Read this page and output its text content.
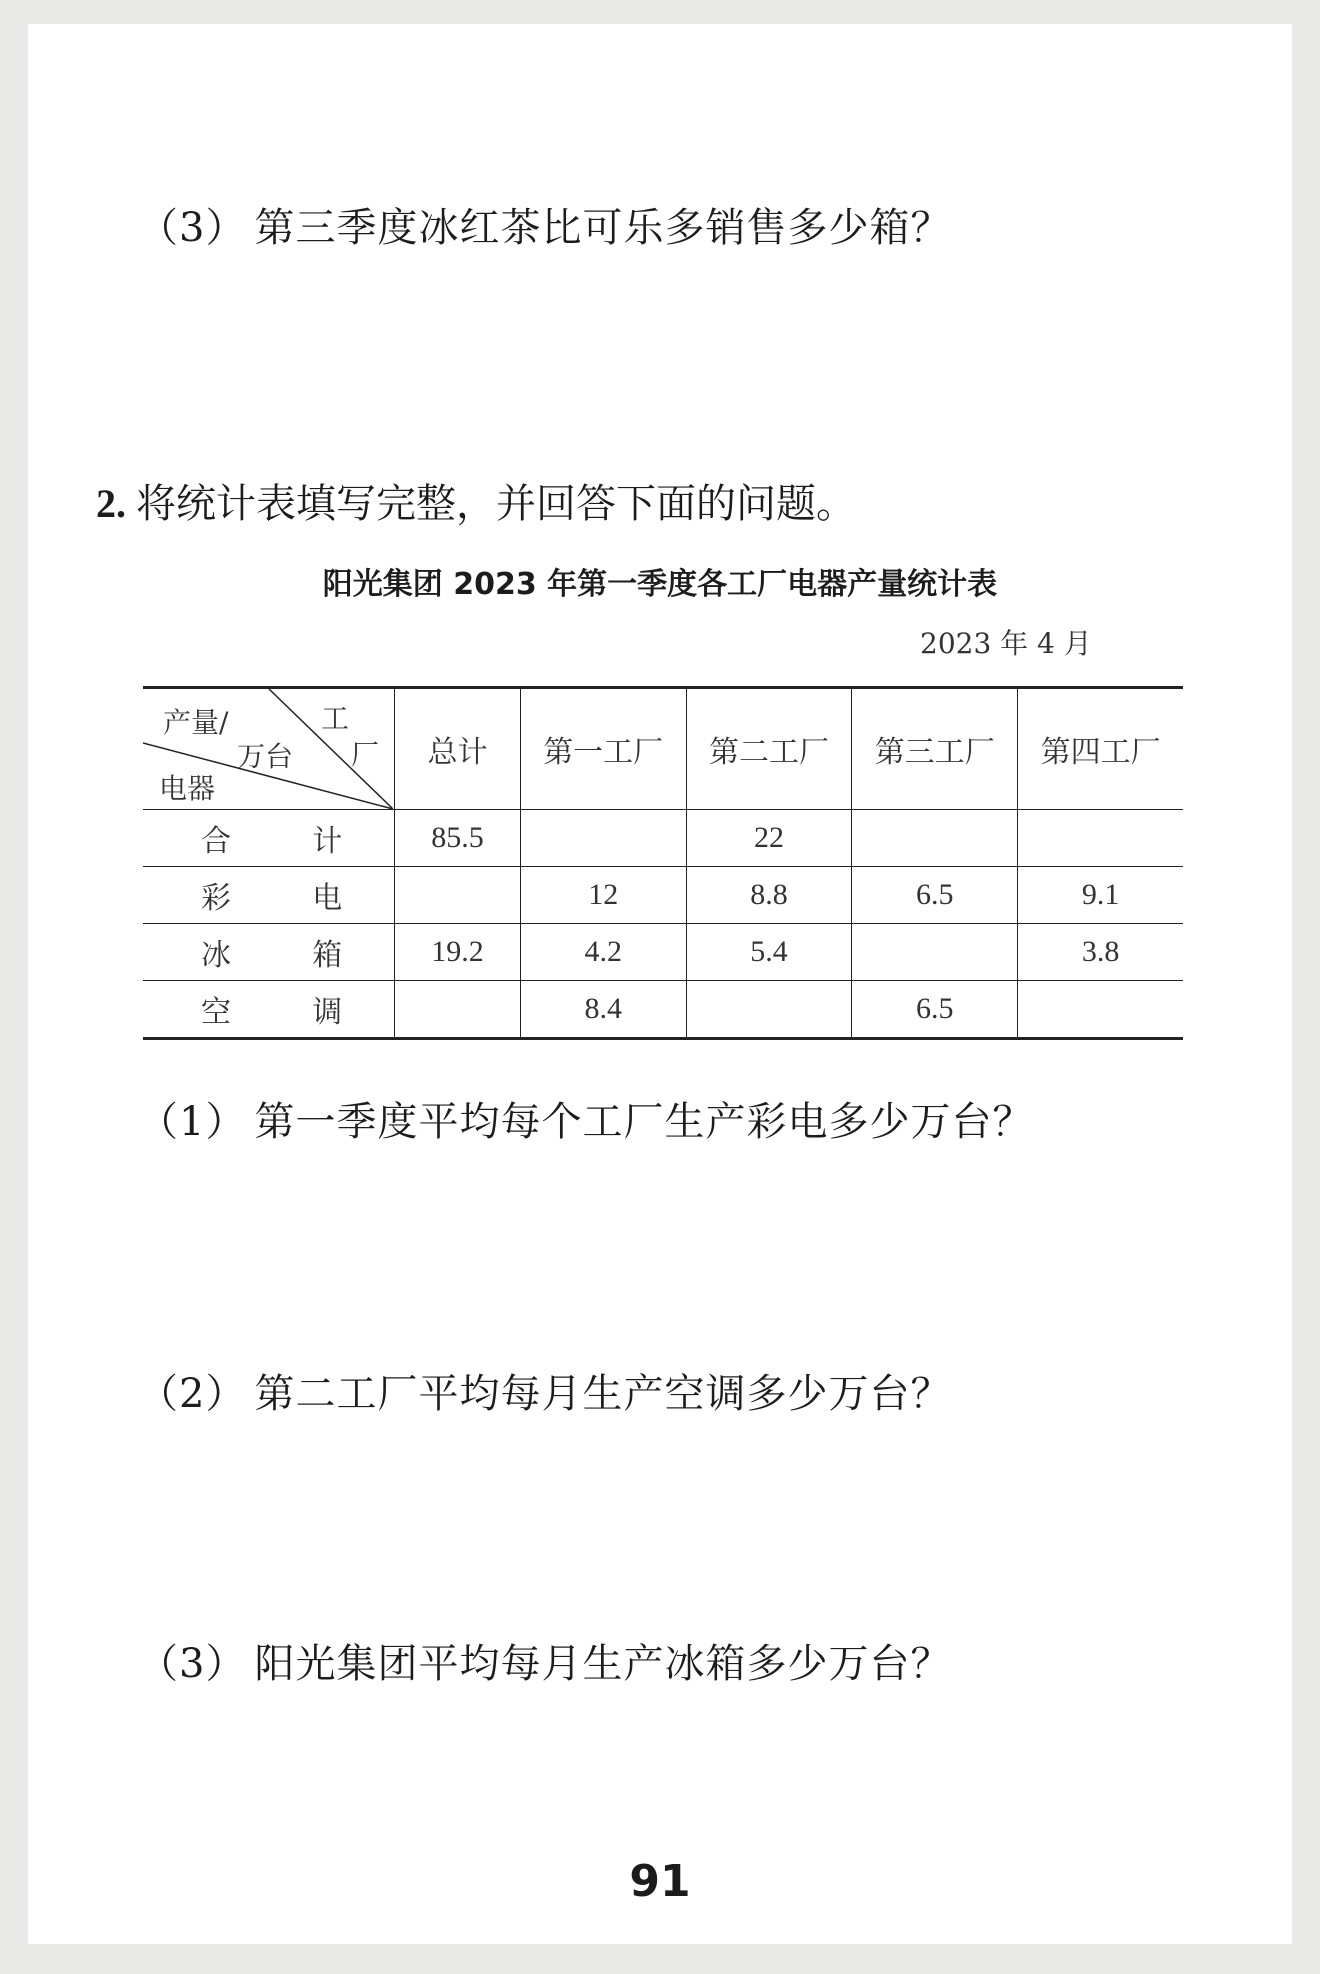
（3） 第三季度冰红茶比可乐多销售多少箱？
2. 将统计表填写完整，并回答下面的问题。
阳光集团 2023 年第一季度各工厂电器产量统计表
2023 年 4 月
工
厂
产量/
万台
电器	总计	第一工厂	第二工厂	第三工厂	第四工厂

合 计	85.5		22		

彩 电		12	8.8	6.5	9.1

冰 箱	19.2	4.2	5.4		3.8

空 调		8.4		6.5	
（1） 第一季度平均每个工厂生产彩电多少万台？
（2） 第二工厂平均每月生产空调多少万台？
（3） 阳光集团平均每月生产冰箱多少万台？
91
